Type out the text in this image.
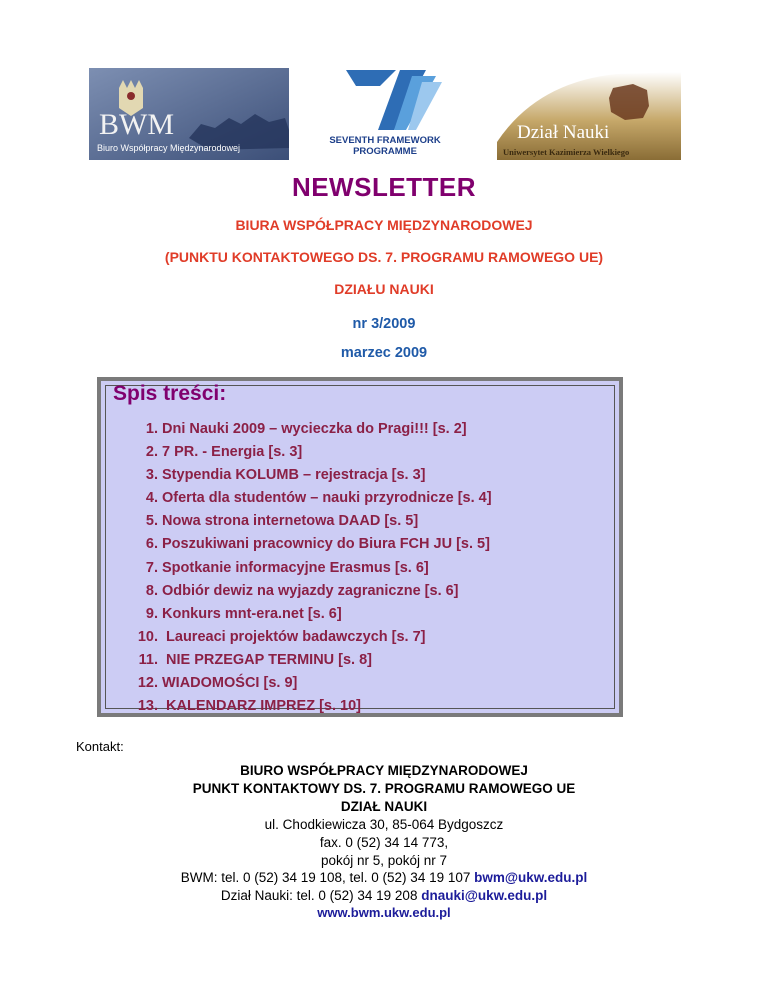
BWM
Biuro Współpracy Międzynarodowej
SEVENTH FRAMEWORK
PROGRAMME
Dział Nauki
Uniwersytet Kazimierza Wielkiego
NEWSLETTER
BIURA WSPÓŁPRACY MIĘDZYNARODOWEJ
(PUNKTU KONTAKTOWEGO DS. 7. PROGRAMU RAMOWEGO UE)
DZIAŁU NAUKI
nr 3/2009
marzec 2009
Spis treści:
1. Dni Nauki 2009 – wycieczka do Pragi!!! [s. 2]
2. 7 PR. - Energia [s. 3]
3. Stypendia KOLUMB – rejestracja [s. 3]
4. Oferta dla studentów – nauki przyrodnicze [s. 4]
5. Nowa strona internetowa DAAD [s. 5]
6. Poszukiwani pracownicy do Biura FCH JU [s. 5]
7. Spotkanie informacyjne Erasmus [s. 6]
8. Odbiór dewiz na wyjazdy zagraniczne [s. 6]
9. Konkurs mnt-era.net [s. 6]
10. Laureaci projektów badawczych [s. 7]
11. NIE PRZEGAP TERMINU [s. 8]
12. WIADOMOŚCI [s. 9]
13. KALENDARZ IMPREZ [s. 10]
Kontakt:
BIURO WSPÓŁPRACY MIĘDZYNARODOWEJ
PUNKT KONTAKTOWY DS. 7. PROGRAMU RAMOWEGO UE
DZIAŁ NAUKI
ul. Chodkiewicza 30, 85-064 Bydgoszcz
fax. 0 (52) 34 14 773,
pokój nr 5, pokój nr 7
BWM: tel. 0 (52) 34 19 108, tel. 0 (52) 34 19 107 bwm@ukw.edu.pl
Dział Nauki: tel. 0 (52) 34 19 208 dnauki@ukw.edu.pl
www.bwm.ukw.edu.pl
